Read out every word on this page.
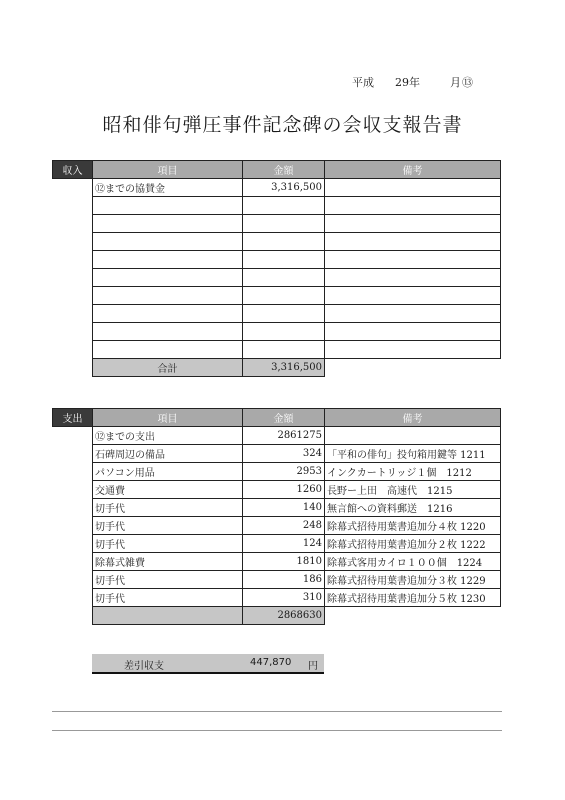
平成 29年	月 ⑬
昭和俳句弾圧事件記念碑の会収支報告書
収入	項目	金額	備考
	⑫までの協賛金	3,316,500	

	合計	3,316,500	
支出	項目	金額	備考
	⑫までの支出	2861275	
	石碑周辺の備品	324	「平和の俳句」投句箱用鍵等 1211
	パソコン用品	2953	インクカートリッジ１個　1212
	交通費	1260	長野ー上田　高速代　1215
	切手代	140	無言館への資料郵送　1216
	切手代	248	除幕式招待用葉書追加分４枚 1220
	切手代	124	除幕式招待用葉書追加分２枚 1222
	除幕式雑費	1810	除幕式客用カイロ１００個　1224
	切手代	186	除幕式招待用葉書追加分３枚 1229
	切手代	310	除幕式招待用葉書追加分５枚 1230
		2868630	
差引収支	447,870 円
